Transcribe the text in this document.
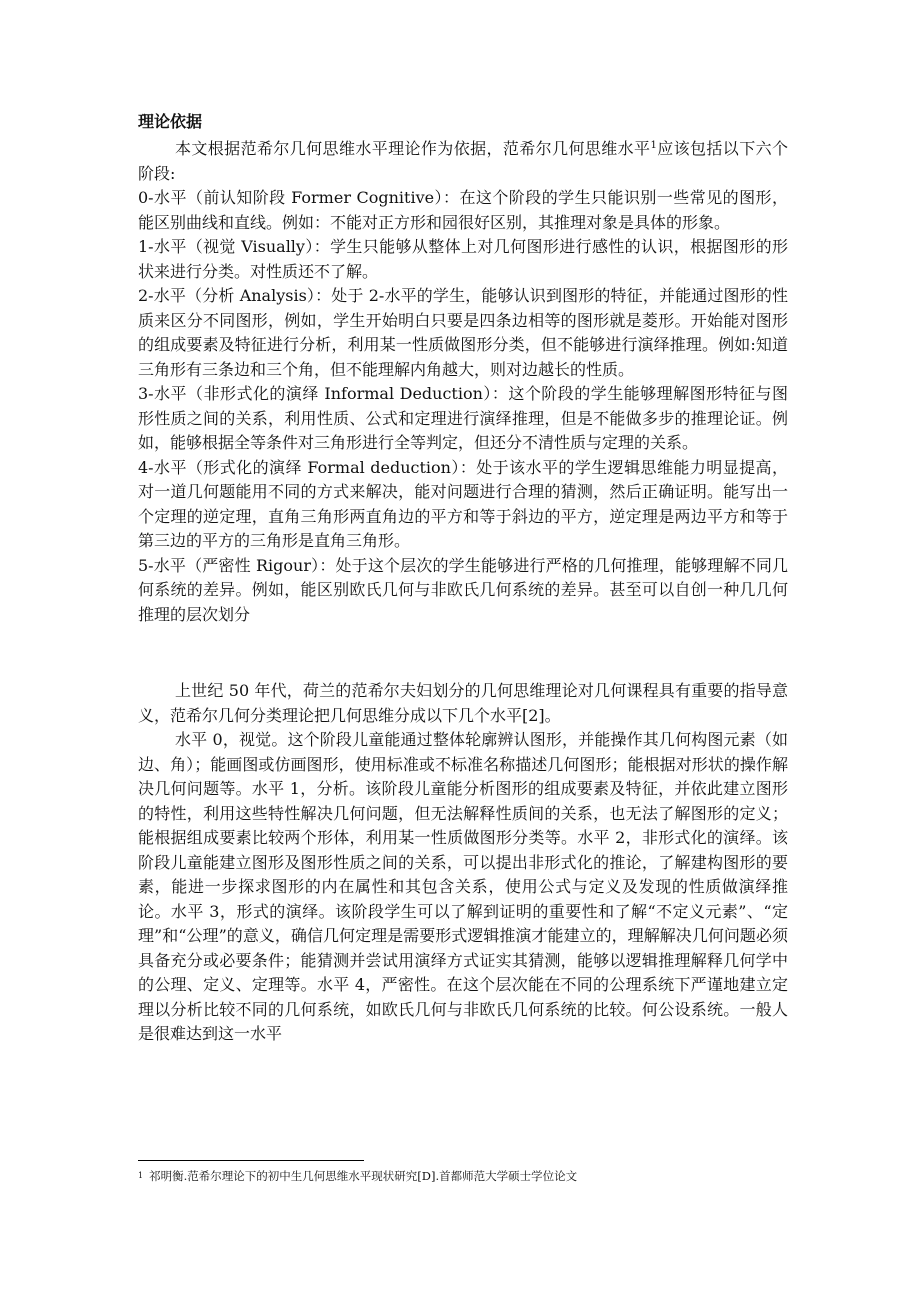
理论依据

本文根据范希尔几何思维水平理论作为依据，范希尔几何思维水平$^1$应该包括以下六个阶段:

0-水平（前认知阶段 Former Cognitive）：在这个阶段的学生只能识别一些常见的图形，能区别曲线和直线。例如：不能对正方形和园很好区别，其推理对象是具体的形象。

1-水平（视觉 Visually）：学生只能够从整体上对几何图形进行感性的认识，根据图形的形状来进行分类。对性质还不了解。

2-水平（分析 Analysis）：处于 2-水平的学生，能够认识到图形的特征，并能通过图形的性质来区分不同图形，例如，学生开始明白只要是四条边相等的图形就是菱形。开始能对图形的组成要素及特征进行分析，利用某一性质做图形分类，但不能够进行演绎推理。例如:知道三角形有三条边和三个角，但不能理解内角越大，则对边越长的性质。

3-水平（非形式化的演绎 Informal Deduction）：这个阶段的学生能够理解图形特征与图形性质之间的关系，利用性质、公式和定理进行演绎推理，但是不能做多步的推理论证。例如，能够根据全等条件对三角形进行全等判定，但还分不清性质与定理的关系。

4-水平（形式化的演绎 Formal deduction）：处于该水平的学生逻辑思维能力明显提高，对一道几何题能用不同的方式来解决，能对问题进行合理的猜测，然后正确证明。能写出一个定理的逆定理，直角三角形两直角边的平方和等于斜边的平方，逆定理是两边平方和等于第三边的平方的三角形是直角三角形。

5-水平（严密性 Rigour）：处于这个层次的学生能够进行严格的几何推理，能够理解不同几何系统的差异。例如，能区别欧氏几何与非欧氏几何系统的差异。甚至可以自创一种几几何推理的层次划分

上世纪 50 年代，荷兰的范希尔夫妇划分的几何思维理论对几何课程具有重要的指导意义，范希尔几何分类理论把几何思维分成以下几个水平[2]。

水平 0，视觉。这个阶段儿童能通过整体轮廓辨认图形，并能操作其几何构图元素（如边、角）；能画图或仿画图形，使用标准或不标准名称描述几何图形；能根据对形状的操作解决几何问题等。水平 1，分析。该阶段儿童能分析图形的组成要素及特征，并依此建立图形的特性，利用这些特性解决几何问题，但无法解释性质间的关系，也无法了解图形的定义；能根据组成要素比较两个形体，利用某一性质做图形分类等。水平 2，非形式化的演绎。该阶段儿童能建立图形及图形性质之间的关系，可以提出非形式化的推论，了解建构图形的要素，能进一步探求图形的内在属性和其包含关系，使用公式与定义及发现的性质做演绎推论。水平 3，形式的演绎。该阶段学生可以了解到证明的重要性和了解“不定义元素”、“定理”和“公理”的意义，确信几何定理是需要形式逻辑推演才能建立的，理解解决几何问题必须具备充分或必要条件；能猜测并尝试用演绎方式证实其猜测，能够以逻辑推理解释几何学中的公理、定义、定理等。水平 4，严密性。在这个层次能在不同的公理系统下严谨地建立定理以分析比较不同的几何系统，如欧氏几何与非欧氏几何系统的比较。何公设系统。一般人是很难达到这一水平

$^1$ 祁明衡.范希尔理论下的初中生几何思维水平现状研究[D].首都师范大学硕士学位论文
